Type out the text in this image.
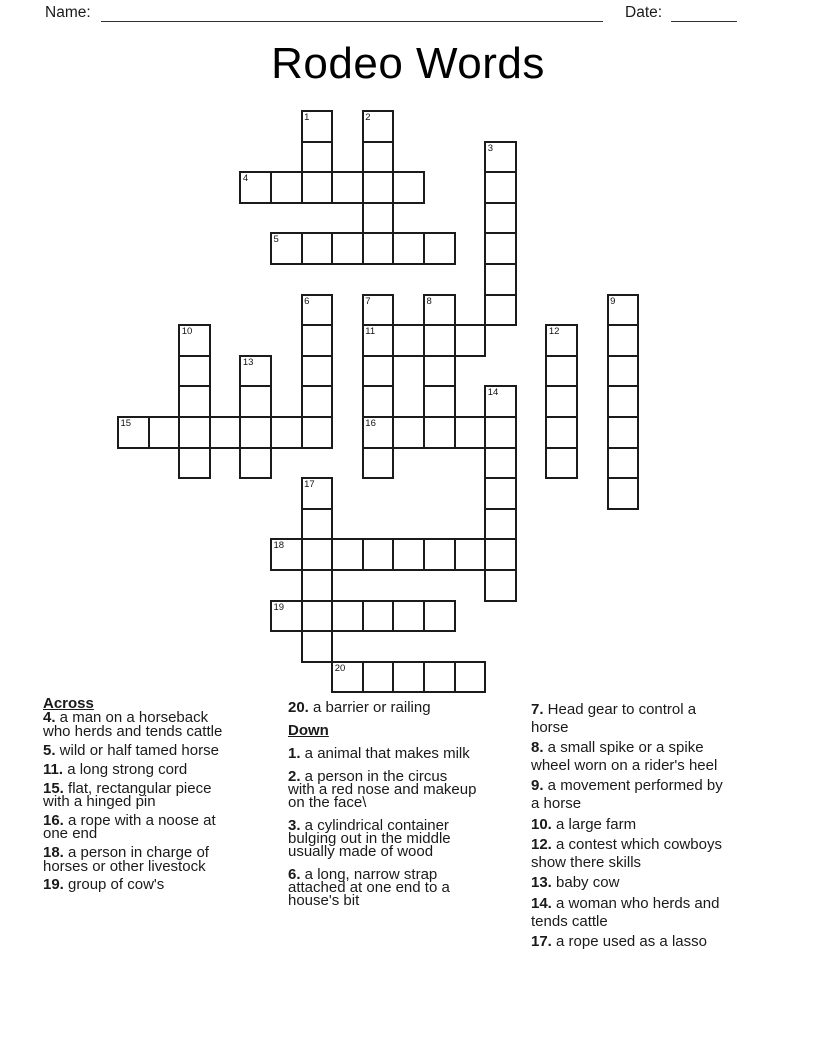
Name:	Date:
Rodeo Words
1	2
3
4
5
6	7
11
16
8	9
10	12
13
14
15
17
18
19
20
Across
4. a man on a horseback who herds and tends cattle
5. wild or half tamed horse
11. a long strong cord
15. flat, rectangular piece with a hinged pin
16. a rope with a noose at one end
18. a person in charge of horses or other livestock
19. group of cow's
20. a barrier or railing
Down
1. a animal that makes milk
2. a person in the circus with a red nose and makeup on the face\
3. a cylindrical container bulging out in the middle usually made of wood
6. a long, narrow strap attached at one end to a house's bit
7. Head gear to control a horse
8. a small spike or a spike wheel worn on a rider's heel
9. a movement performed by a horse
10. a large farm
12. a contest which cowboys show there skills
13. baby cow
14. a woman who herds and tends cattle
17. a rope used as a lasso
